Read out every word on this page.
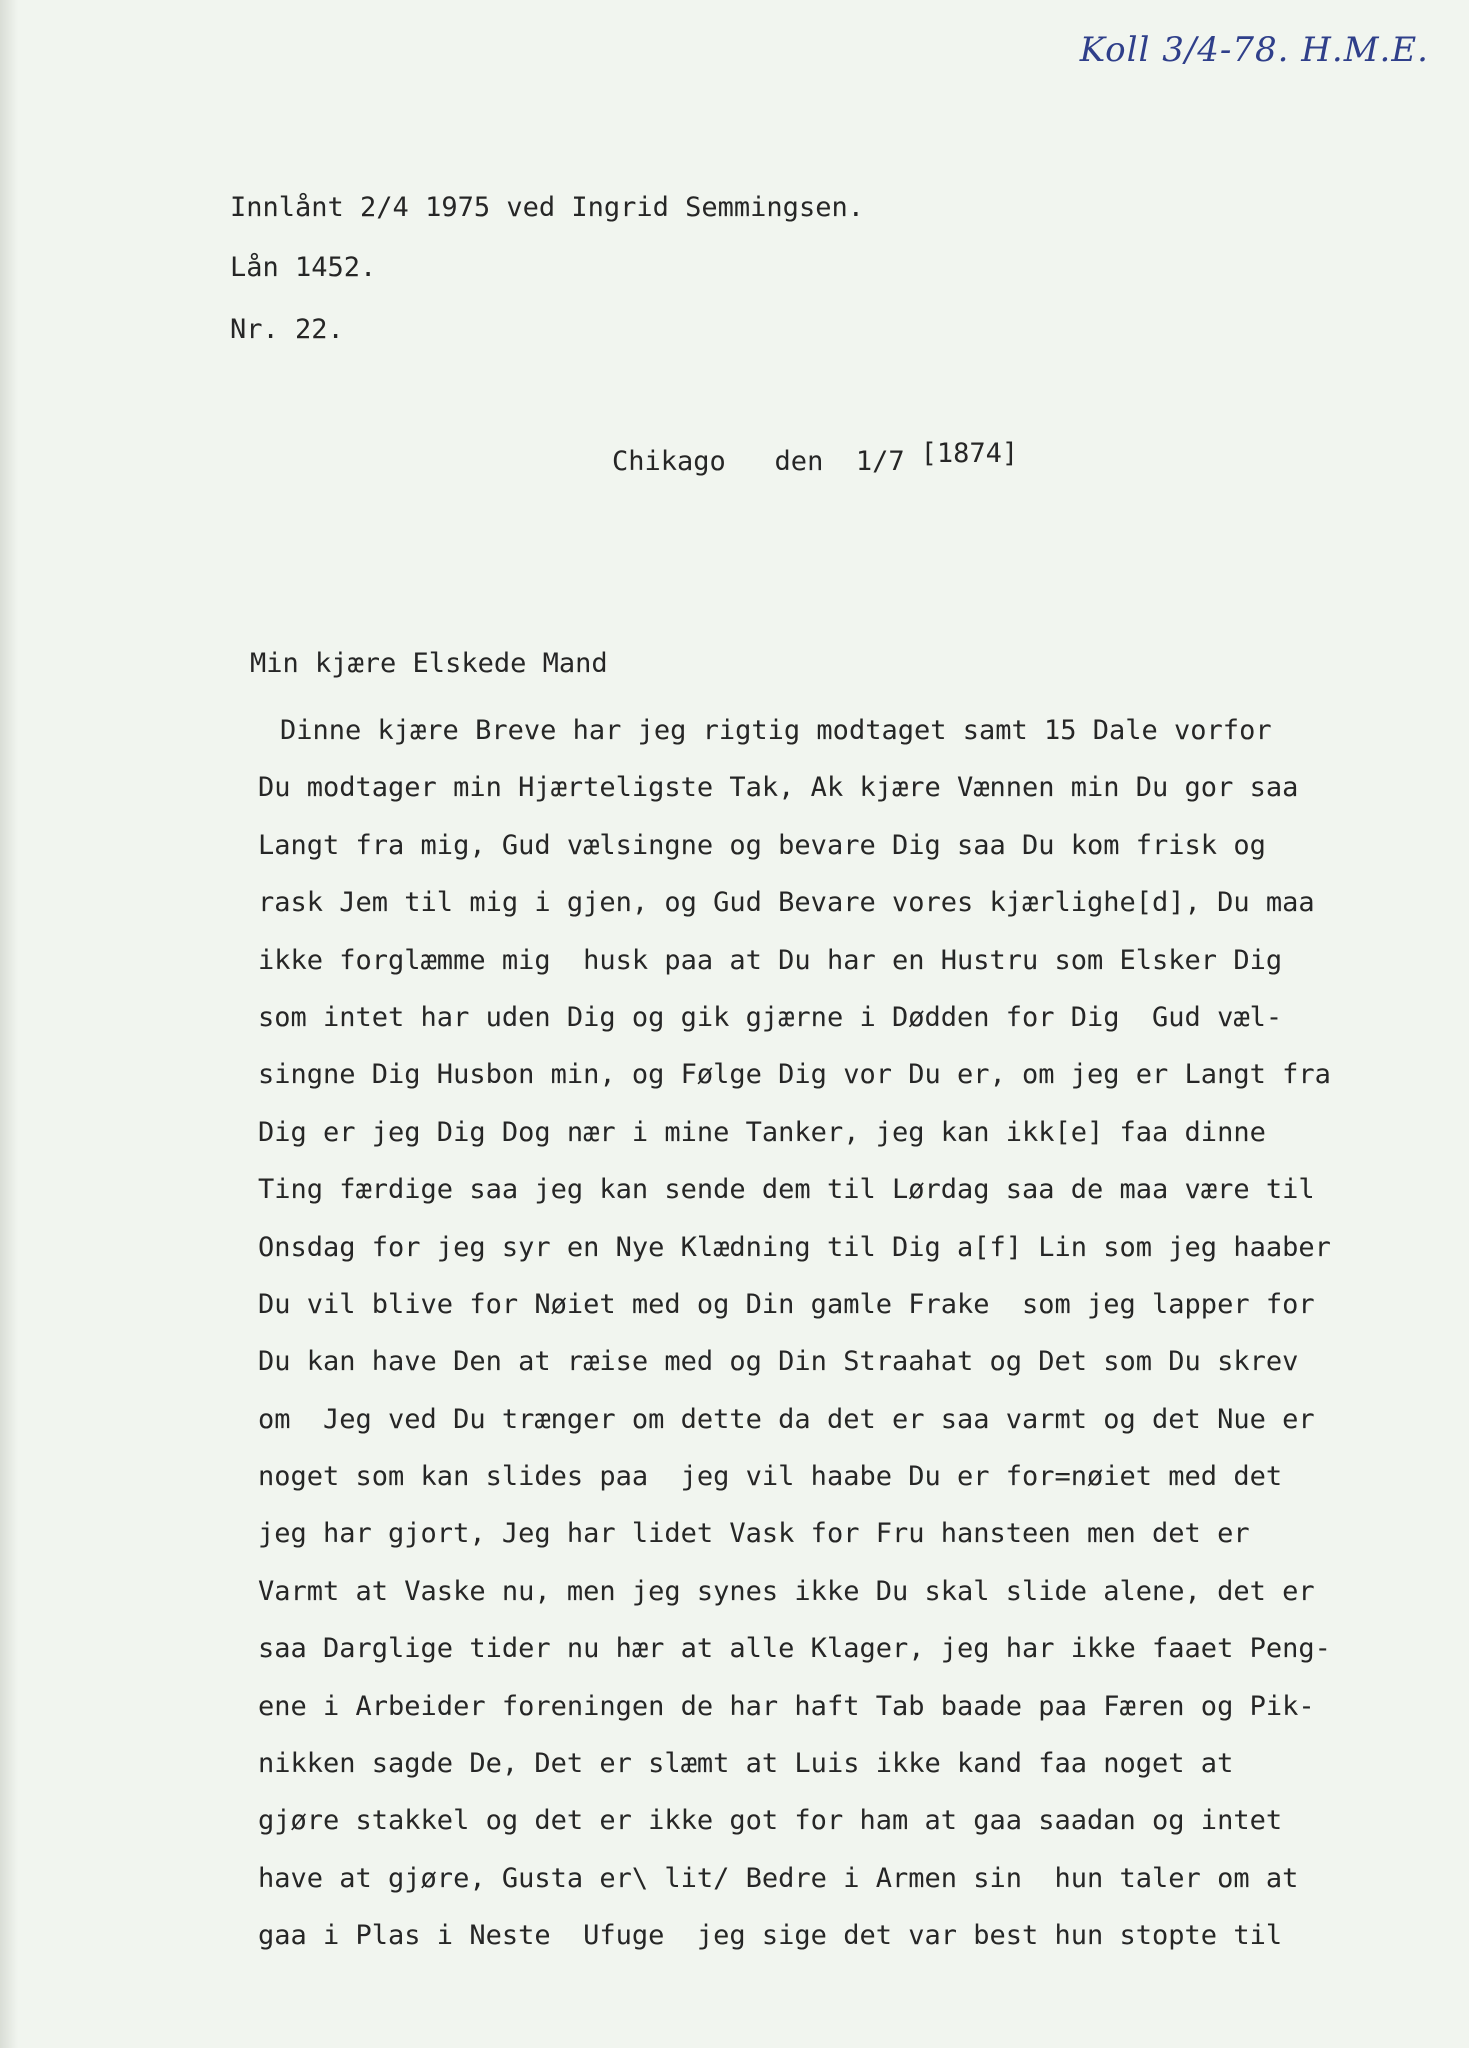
Koll 3/4-78. H.M.E.
Innlånt 2/4 1975 ved Ingrid Semmingsen.
Lån 1452.
Nr. 22.
Chikago   den  1/7 [1874]
Min kjære Elskede Mand
Dinne kjære Breve har jeg rigtig modtaget samt 15 Dale vorfor
Du modtager min Hjærteligste Tak, Ak kjære Vænnen min Du gor saa
Langt fra mig, Gud vælsingne og bevare Dig saa Du kom frisk og
rask Jem til mig i gjen, og Gud Bevare vores kjærlighe[d], Du maa
ikke forglæmme mig  husk paa at Du har en Hustru som Elsker Dig
som intet har uden Dig og gik gjærne i Dødden for Dig  Gud væl-
singne Dig Husbon min, og Følge Dig vor Du er, om jeg er Langt fra
Dig er jeg Dig Dog nær i mine Tanker, jeg kan ikk[e] faa dinne
Ting færdige saa jeg kan sende dem til Lørdag saa de maa være til
Onsdag for jeg syr en Nye Klædning til Dig a[f] Lin som jeg haaber
Du vil blive for Nøiet med og Din gamle Frake  som jeg lapper for
Du kan have Den at ræise med og Din Straahat og Det som Du skrev
om  Jeg ved Du trænger om dette da det er saa varmt og det Nue er
noget som kan slides paa  jeg vil haabe Du er for=nøiet med det
jeg har gjort, Jeg har lidet Vask for Fru hansteen men det er
Varmt at Vaske nu, men jeg synes ikke Du skal slide alene, det er
saa Darglige tider nu hær at alle Klager, jeg har ikke faaet Peng-
ene i Arbeider foreningen de har haft Tab baade paa Færen og Pik-
nikken sagde De, Det er slæmt at Luis ikke kand faa noget at
gjøre stakkel og det er ikke got for ham at gaa saadan og intet
have at gjøre, Gusta er\ lit/ Bedre i Armen sin  hun taler om at
gaa i Plas i Neste  Ufuge  jeg sige det var best hun stopte til
